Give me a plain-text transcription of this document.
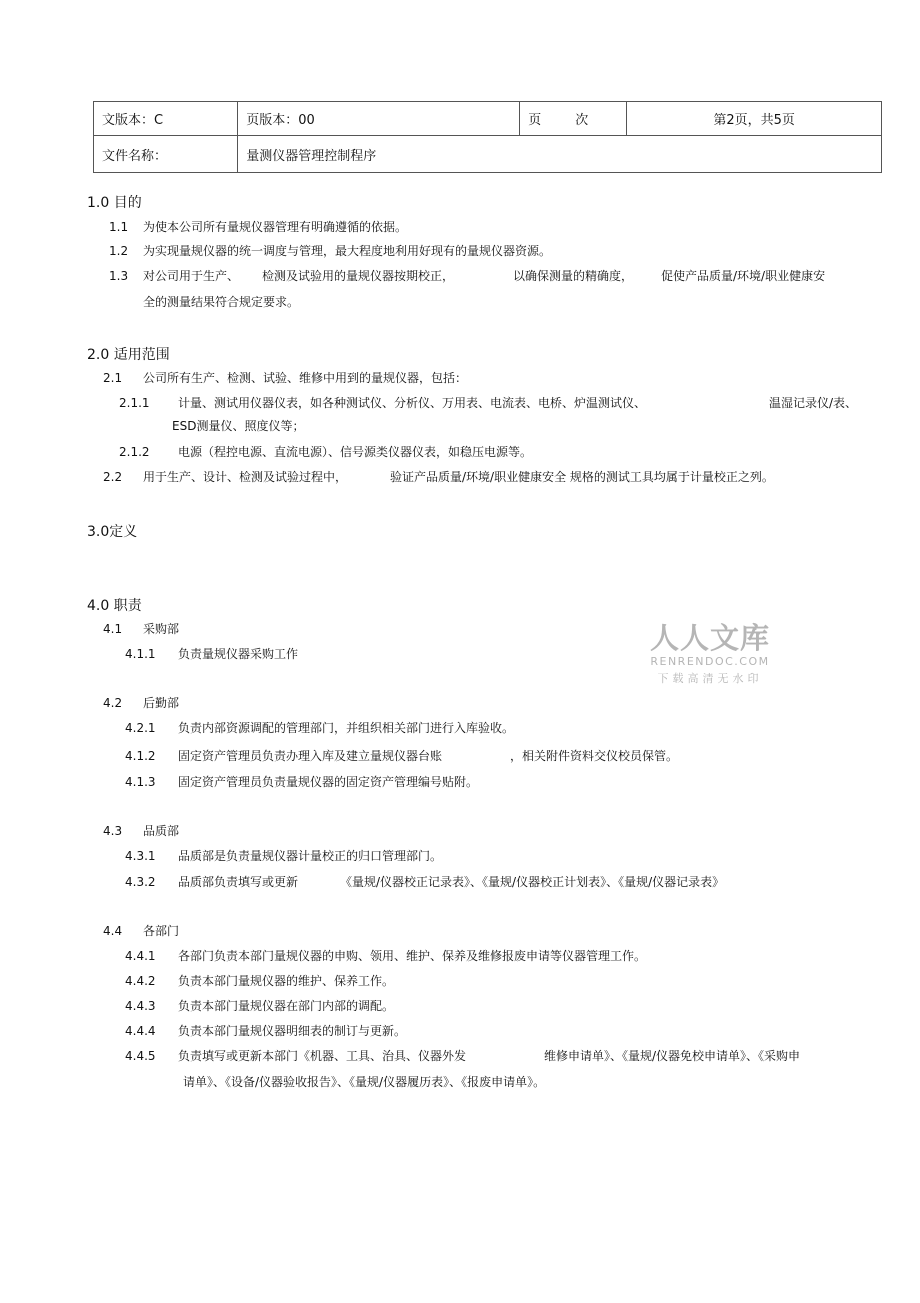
文版本：C	页版本：00	页 次	第2页，共5页
文件名称：	量测仪器管理控制程序		
1.0 目的
1.1 为使本公司所有量规仪器管理有明确遵循的依据。
1.2 为实现量规仪器的统一调度与管理，最大程度地利用好现有的量规仪器资源。
1.3 对公司用于生产、 检测及试验用的量规仪器按期校正，	以确保测量的精确度， 促使产品质量/环境/职业健康安
全的测量结果符合规定要求。
2.0 适用范围
2.1 公司所有生产、检测、试验、维修中用到的量规仪器，包括：
2.1.1 计量、测试用仪器仪表，如各种测试仪、分析仪、万用表、电流表、电桥、炉温测试仪、	温湿记录仪/表、
ESD测量仪、照度仪等；
2.1.2 电源（程控电源、直流电源）、信号源类仪器仪表，如稳压电源等。
2.2 用于生产、设计、检测及试验过程中，	验证产品质量/环境/职业健康安全 规格的测试工具均属于计量校正之列。
3.0定义
4.0 职责
4.1 采购部
4.1.1 负责量规仪器采购工作
4.2 后勤部
4.2.1 负责内部资源调配的管理部门，并组织相关部门进行入库验收。
4.1.2 固定资产管理员负责办理入库及建立量规仪器台账	，相关附件资料交仪校员保管。
4.1.3 固定资产管理员负责量规仪器的固定资产管理编号贴附。
4.3 品质部
4.3.1 品质部是负责量规仪器计量校正的归口管理部门。
4.3.2 品质部负责填写或更新	《量规/仪器校正记录表》、《量规/仪器校正计划表》、《量规/仪器记录表》
4.4 各部门
4.4.1 各部门负责本部门量规仪器的申购、领用、维护、保养及维修报废申请等仪器管理工作。
4.4.2 负责本部门量规仪器的维护、保养工作。
4.4.3 负责本部门量规仪器在部门内部的调配。
4.4.4 负责本部门量规仪器明细表的制订与更新。
4.4.5 负责填写或更新本部门《机器、工具、治具、仪器外发	维修申请单》、《量规/仪器免校申请单》、《采购申
请单》、《设备/仪器验收报告》、《量规/仪器履历表》、《报废申请单》。
人人文库
RENRENDOC.COM
下载高清无水印
